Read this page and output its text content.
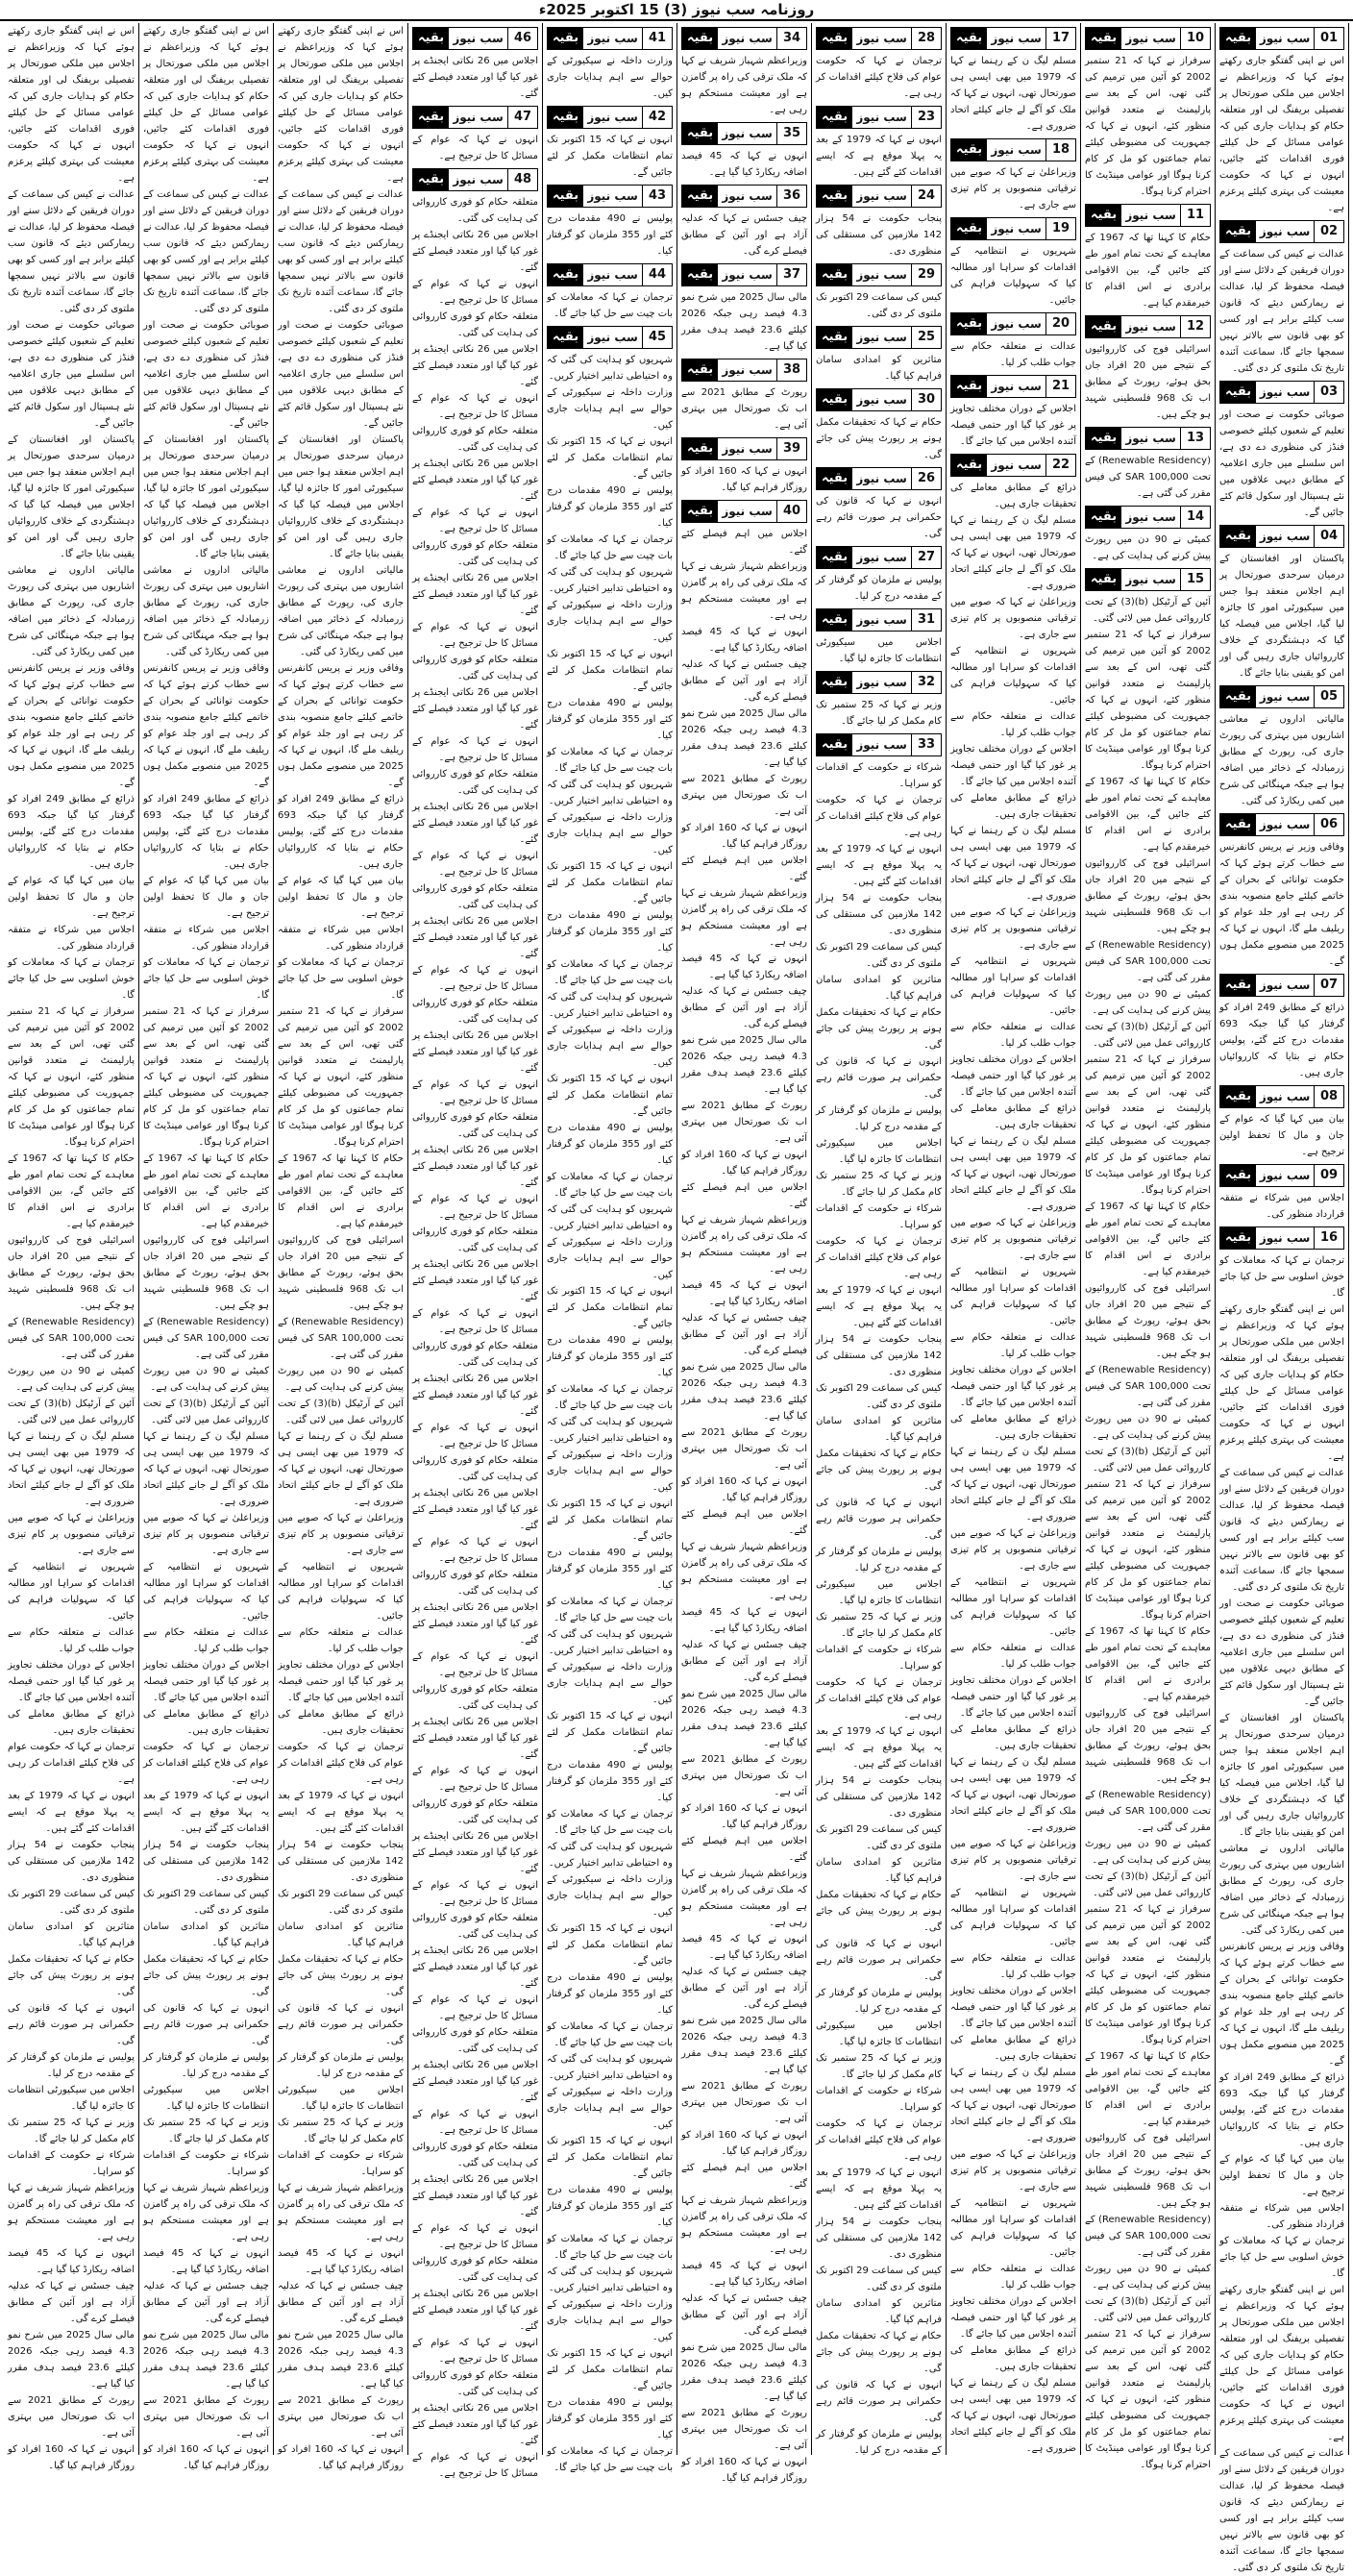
روزنامہ سب نیوز (3) 15 اکتوبر 2025ء
01
سب نیوز
بقیہ

اس نے اپنی گفتگو جاری رکھتے ہوئے کہا کہ وزیراعظم نے اجلاس میں ملکی صورتحال پر تفصیلی بریفنگ لی اور متعلقہ حکام کو ہدایات جاری کیں کہ عوامی مسائل کے حل کیلئے فوری اقدامات کئے جائیں، انہوں نے کہا کہ حکومت معیشت کی بہتری کیلئے پرعزم ہے۔

02
سب نیوز
بقیہ

عدالت نے کیس کی سماعت کے دوران فریقین کے دلائل سنے اور فیصلہ محفوظ کر لیا، عدالت نے ریمارکس دیئے کہ قانون سب کیلئے برابر ہے اور کسی کو بھی قانون سے بالاتر نہیں سمجھا جائے گا، سماعت آئندہ تاریخ تک ملتوی کر دی گئی۔

03
سب نیوز
بقیہ

صوبائی حکومت نے صحت اور تعلیم کے شعبوں کیلئے خصوصی فنڈز کی منظوری دے دی ہے، اس سلسلے میں جاری اعلامیہ کے مطابق دیہی علاقوں میں نئے ہسپتال اور سکول قائم کئے جائیں گے۔

04
سب نیوز
بقیہ

پاکستان اور افغانستان کے درمیان سرحدی صورتحال پر اہم اجلاس منعقد ہوا جس میں سیکیورٹی امور کا جائزہ لیا گیا، اجلاس میں فیصلہ کیا گیا کہ دہشتگردی کے خلاف کارروائیاں جاری رہیں گی اور امن کو یقینی بنایا جائے گا۔

05
سب نیوز
بقیہ

مالیاتی اداروں نے معاشی اشاریوں میں بہتری کی رپورٹ جاری کی، رپورٹ کے مطابق زرمبادلہ کے ذخائر میں اضافہ ہوا ہے جبکہ مہنگائی کی شرح میں کمی ریکارڈ کی گئی۔

06
سب نیوز
بقیہ

وفاقی وزیر نے پریس کانفرنس سے خطاب کرتے ہوئے کہا کہ حکومت توانائی کے بحران کے خاتمے کیلئے جامع منصوبہ بندی کر رہی ہے اور جلد عوام کو ریلیف ملے گا، انہوں نے کہا کہ 2025 میں منصوبے مکمل ہوں گے۔

07
سب نیوز
بقیہ

ذرائع کے مطابق 249 افراد کو گرفتار کیا گیا جبکہ 693 مقدمات درج کئے گئے، پولیس حکام نے بتایا کہ کارروائیاں جاری ہیں۔

08
سب نیوز
بقیہ

بیان میں کہا گیا کہ عوام کے جان و مال کا تحفظ اولین ترجیح ہے۔

09
سب نیوز
بقیہ

اجلاس میں شرکاء نے متفقہ قرارداد منظور کی۔

16
سب نیوز
بقیہ

ترجمان نے کہا کہ معاملات کو خوش اسلوبی سے حل کیا جائے گا۔

اس نے اپنی گفتگو جاری رکھتے ہوئے کہا کہ وزیراعظم نے اجلاس میں ملکی صورتحال پر تفصیلی بریفنگ لی اور متعلقہ حکام کو ہدایات جاری کیں کہ عوامی مسائل کے حل کیلئے فوری اقدامات کئے جائیں، انہوں نے کہا کہ حکومت معیشت کی بہتری کیلئے پرعزم ہے۔

عدالت نے کیس کی سماعت کے دوران فریقین کے دلائل سنے اور فیصلہ محفوظ کر لیا، عدالت نے ریمارکس دیئے کہ قانون سب کیلئے برابر ہے اور کسی کو بھی قانون سے بالاتر نہیں سمجھا جائے گا، سماعت آئندہ تاریخ تک ملتوی کر دی گئی۔

صوبائی حکومت نے صحت اور تعلیم کے شعبوں کیلئے خصوصی فنڈز کی منظوری دے دی ہے، اس سلسلے میں جاری اعلامیہ کے مطابق دیہی علاقوں میں نئے ہسپتال اور سکول قائم کئے جائیں گے۔

پاکستان اور افغانستان کے درمیان سرحدی صورتحال پر اہم اجلاس منعقد ہوا جس میں سیکیورٹی امور کا جائزہ لیا گیا، اجلاس میں فیصلہ کیا گیا کہ دہشتگردی کے خلاف کارروائیاں جاری رہیں گی اور امن کو یقینی بنایا جائے گا۔

مالیاتی اداروں نے معاشی اشاریوں میں بہتری کی رپورٹ جاری کی، رپورٹ کے مطابق زرمبادلہ کے ذخائر میں اضافہ ہوا ہے جبکہ مہنگائی کی شرح میں کمی ریکارڈ کی گئی۔

وفاقی وزیر نے پریس کانفرنس سے خطاب کرتے ہوئے کہا کہ حکومت توانائی کے بحران کے خاتمے کیلئے جامع منصوبہ بندی کر رہی ہے اور جلد عوام کو ریلیف ملے گا، انہوں نے کہا کہ 2025 میں منصوبے مکمل ہوں گے۔

ذرائع کے مطابق 249 افراد کو گرفتار کیا گیا جبکہ 693 مقدمات درج کئے گئے، پولیس حکام نے بتایا کہ کارروائیاں جاری ہیں۔

بیان میں کہا گیا کہ عوام کے جان و مال کا تحفظ اولین ترجیح ہے۔

اجلاس میں شرکاء نے متفقہ قرارداد منظور کی۔

ترجمان نے کہا کہ معاملات کو خوش اسلوبی سے حل کیا جائے گا۔

اس نے اپنی گفتگو جاری رکھتے ہوئے کہا کہ وزیراعظم نے اجلاس میں ملکی صورتحال پر تفصیلی بریفنگ لی اور متعلقہ حکام کو ہدایات جاری کیں کہ عوامی مسائل کے حل کیلئے فوری اقدامات کئے جائیں، انہوں نے کہا کہ حکومت معیشت کی بہتری کیلئے پرعزم ہے۔

عدالت نے کیس کی سماعت کے دوران فریقین کے دلائل سنے اور فیصلہ محفوظ کر لیا، عدالت نے ریمارکس دیئے کہ قانون سب کیلئے برابر ہے اور کسی کو بھی قانون سے بالاتر نہیں سمجھا جائے گا، سماعت آئندہ تاریخ تک ملتوی کر دی گئی۔

10
سب نیوز
بقیہ

سرفراز نے کہا کہ 21 ستمبر 2002 کو آئین میں ترمیم کی گئی تھی، اس کے بعد سے پارلیمنٹ نے متعدد قوانین منظور کئے، انہوں نے کہا کہ جمہوریت کی مضبوطی کیلئے تمام جماعتوں کو مل کر کام کرنا ہوگا اور عوامی مینڈیٹ کا احترام کرنا ہوگا۔

11
سب نیوز
بقیہ

حکام کا کہنا تھا کہ 1967 کے معاہدے کے تحت تمام امور طے کئے جائیں گے، بین الاقوامی برادری نے اس اقدام کا خیرمقدم کیا ہے۔

12
سب نیوز
بقیہ

اسرائیلی فوج کی کارروائیوں کے نتیجے میں 20 افراد جاں بحق ہوئے، رپورٹ کے مطابق اب تک 968 فلسطینی شہید ہو چکے ہیں۔

13
سب نیوز
بقیہ

(Renewable Residency) کے تحت 100,000 SAR کی فیس مقرر کی گئی ہے۔

14
سب نیوز
بقیہ

کمیٹی نے 90 دن میں رپورٹ پیش کرنے کی ہدایت کی ہے۔

15
سب نیوز
بقیہ

آئین کے آرٹیکل (b)(3) کے تحت کارروائی عمل میں لائی گئی۔

سرفراز نے کہا کہ 21 ستمبر 2002 کو آئین میں ترمیم کی گئی تھی، اس کے بعد سے پارلیمنٹ نے متعدد قوانین منظور کئے، انہوں نے کہا کہ جمہوریت کی مضبوطی کیلئے تمام جماعتوں کو مل کر کام کرنا ہوگا اور عوامی مینڈیٹ کا احترام کرنا ہوگا۔

حکام کا کہنا تھا کہ 1967 کے معاہدے کے تحت تمام امور طے کئے جائیں گے، بین الاقوامی برادری نے اس اقدام کا خیرمقدم کیا ہے۔

اسرائیلی فوج کی کارروائیوں کے نتیجے میں 20 افراد جاں بحق ہوئے، رپورٹ کے مطابق اب تک 968 فلسطینی شہید ہو چکے ہیں۔

(Renewable Residency) کے تحت 100,000 SAR کی فیس مقرر کی گئی ہے۔

کمیٹی نے 90 دن میں رپورٹ پیش کرنے کی ہدایت کی ہے۔

آئین کے آرٹیکل (b)(3) کے تحت کارروائی عمل میں لائی گئی۔

سرفراز نے کہا کہ 21 ستمبر 2002 کو آئین میں ترمیم کی گئی تھی، اس کے بعد سے پارلیمنٹ نے متعدد قوانین منظور کئے، انہوں نے کہا کہ جمہوریت کی مضبوطی کیلئے تمام جماعتوں کو مل کر کام کرنا ہوگا اور عوامی مینڈیٹ کا احترام کرنا ہوگا۔

حکام کا کہنا تھا کہ 1967 کے معاہدے کے تحت تمام امور طے کئے جائیں گے، بین الاقوامی برادری نے اس اقدام کا خیرمقدم کیا ہے۔

اسرائیلی فوج کی کارروائیوں کے نتیجے میں 20 افراد جاں بحق ہوئے، رپورٹ کے مطابق اب تک 968 فلسطینی شہید ہو چکے ہیں۔

(Renewable Residency) کے تحت 100,000 SAR کی فیس مقرر کی گئی ہے۔

کمیٹی نے 90 دن میں رپورٹ پیش کرنے کی ہدایت کی ہے۔

آئین کے آرٹیکل (b)(3) کے تحت کارروائی عمل میں لائی گئی۔

سرفراز نے کہا کہ 21 ستمبر 2002 کو آئین میں ترمیم کی گئی تھی، اس کے بعد سے پارلیمنٹ نے متعدد قوانین منظور کئے، انہوں نے کہا کہ جمہوریت کی مضبوطی کیلئے تمام جماعتوں کو مل کر کام کرنا ہوگا اور عوامی مینڈیٹ کا احترام کرنا ہوگا۔

حکام کا کہنا تھا کہ 1967 کے معاہدے کے تحت تمام امور طے کئے جائیں گے، بین الاقوامی برادری نے اس اقدام کا خیرمقدم کیا ہے۔

اسرائیلی فوج کی کارروائیوں کے نتیجے میں 20 افراد جاں بحق ہوئے، رپورٹ کے مطابق اب تک 968 فلسطینی شہید ہو چکے ہیں۔

(Renewable Residency) کے تحت 100,000 SAR کی فیس مقرر کی گئی ہے۔

کمیٹی نے 90 دن میں رپورٹ پیش کرنے کی ہدایت کی ہے۔

آئین کے آرٹیکل (b)(3) کے تحت کارروائی عمل میں لائی گئی۔

سرفراز نے کہا کہ 21 ستمبر 2002 کو آئین میں ترمیم کی گئی تھی، اس کے بعد سے پارلیمنٹ نے متعدد قوانین منظور کئے، انہوں نے کہا کہ جمہوریت کی مضبوطی کیلئے تمام جماعتوں کو مل کر کام کرنا ہوگا اور عوامی مینڈیٹ کا احترام کرنا ہوگا۔

حکام کا کہنا تھا کہ 1967 کے معاہدے کے تحت تمام امور طے کئے جائیں گے، بین الاقوامی برادری نے اس اقدام کا خیرمقدم کیا ہے۔

اسرائیلی فوج کی کارروائیوں کے نتیجے میں 20 افراد جاں بحق ہوئے، رپورٹ کے مطابق اب تک 968 فلسطینی شہید ہو چکے ہیں۔

(Renewable Residency) کے تحت 100,000 SAR کی فیس مقرر کی گئی ہے۔

کمیٹی نے 90 دن میں رپورٹ پیش کرنے کی ہدایت کی ہے۔

آئین کے آرٹیکل (b)(3) کے تحت کارروائی عمل میں لائی گئی۔

سرفراز نے کہا کہ 21 ستمبر 2002 کو آئین میں ترمیم کی گئی تھی، اس کے بعد سے پارلیمنٹ نے متعدد قوانین منظور کئے، انہوں نے کہا کہ جمہوریت کی مضبوطی کیلئے تمام جماعتوں کو مل کر کام کرنا ہوگا اور عوامی مینڈیٹ کا احترام کرنا ہوگا۔

17
سب نیوز
بقیہ

مسلم لیگ ن کے رہنما نے کہا کہ 1979 میں بھی ایسی ہی صورتحال تھی، انہوں نے کہا کہ ملک کو آگے لے جانے کیلئے اتحاد ضروری ہے۔

18
سب نیوز
بقیہ

وزیراعلیٰ نے کہا کہ صوبے میں ترقیاتی منصوبوں پر کام تیزی سے جاری ہے۔

19
سب نیوز
بقیہ

شہریوں نے انتظامیہ کے اقدامات کو سراہا اور مطالبہ کیا کہ سہولیات فراہم کی جائیں۔

20
سب نیوز
بقیہ

عدالت نے متعلقہ حکام سے جواب طلب کر لیا۔

21
سب نیوز
بقیہ

اجلاس کے دوران مختلف تجاویز پر غور کیا گیا اور حتمی فیصلہ آئندہ اجلاس میں کیا جائے گا۔

22
سب نیوز
بقیہ

ذرائع کے مطابق معاملے کی تحقیقات جاری ہیں۔

مسلم لیگ ن کے رہنما نے کہا کہ 1979 میں بھی ایسی ہی صورتحال تھی، انہوں نے کہا کہ ملک کو آگے لے جانے کیلئے اتحاد ضروری ہے۔

وزیراعلیٰ نے کہا کہ صوبے میں ترقیاتی منصوبوں پر کام تیزی سے جاری ہے۔

شہریوں نے انتظامیہ کے اقدامات کو سراہا اور مطالبہ کیا کہ سہولیات فراہم کی جائیں۔

عدالت نے متعلقہ حکام سے جواب طلب کر لیا۔

اجلاس کے دوران مختلف تجاویز پر غور کیا گیا اور حتمی فیصلہ آئندہ اجلاس میں کیا جائے گا۔

ذرائع کے مطابق معاملے کی تحقیقات جاری ہیں۔

مسلم لیگ ن کے رہنما نے کہا کہ 1979 میں بھی ایسی ہی صورتحال تھی، انہوں نے کہا کہ ملک کو آگے لے جانے کیلئے اتحاد ضروری ہے۔

وزیراعلیٰ نے کہا کہ صوبے میں ترقیاتی منصوبوں پر کام تیزی سے جاری ہے۔

شہریوں نے انتظامیہ کے اقدامات کو سراہا اور مطالبہ کیا کہ سہولیات فراہم کی جائیں۔

عدالت نے متعلقہ حکام سے جواب طلب کر لیا۔

اجلاس کے دوران مختلف تجاویز پر غور کیا گیا اور حتمی فیصلہ آئندہ اجلاس میں کیا جائے گا۔

ذرائع کے مطابق معاملے کی تحقیقات جاری ہیں۔

مسلم لیگ ن کے رہنما نے کہا کہ 1979 میں بھی ایسی ہی صورتحال تھی، انہوں نے کہا کہ ملک کو آگے لے جانے کیلئے اتحاد ضروری ہے۔

وزیراعلیٰ نے کہا کہ صوبے میں ترقیاتی منصوبوں پر کام تیزی سے جاری ہے۔

شہریوں نے انتظامیہ کے اقدامات کو سراہا اور مطالبہ کیا کہ سہولیات فراہم کی جائیں۔

عدالت نے متعلقہ حکام سے جواب طلب کر لیا۔

اجلاس کے دوران مختلف تجاویز پر غور کیا گیا اور حتمی فیصلہ آئندہ اجلاس میں کیا جائے گا۔

ذرائع کے مطابق معاملے کی تحقیقات جاری ہیں۔

مسلم لیگ ن کے رہنما نے کہا کہ 1979 میں بھی ایسی ہی صورتحال تھی، انہوں نے کہا کہ ملک کو آگے لے جانے کیلئے اتحاد ضروری ہے۔

وزیراعلیٰ نے کہا کہ صوبے میں ترقیاتی منصوبوں پر کام تیزی سے جاری ہے۔

شہریوں نے انتظامیہ کے اقدامات کو سراہا اور مطالبہ کیا کہ سہولیات فراہم کی جائیں۔

عدالت نے متعلقہ حکام سے جواب طلب کر لیا۔

اجلاس کے دوران مختلف تجاویز پر غور کیا گیا اور حتمی فیصلہ آئندہ اجلاس میں کیا جائے گا۔

ذرائع کے مطابق معاملے کی تحقیقات جاری ہیں۔

مسلم لیگ ن کے رہنما نے کہا کہ 1979 میں بھی ایسی ہی صورتحال تھی، انہوں نے کہا کہ ملک کو آگے لے جانے کیلئے اتحاد ضروری ہے۔

وزیراعلیٰ نے کہا کہ صوبے میں ترقیاتی منصوبوں پر کام تیزی سے جاری ہے۔

شہریوں نے انتظامیہ کے اقدامات کو سراہا اور مطالبہ کیا کہ سہولیات فراہم کی جائیں۔

عدالت نے متعلقہ حکام سے جواب طلب کر لیا۔

اجلاس کے دوران مختلف تجاویز پر غور کیا گیا اور حتمی فیصلہ آئندہ اجلاس میں کیا جائے گا۔

ذرائع کے مطابق معاملے کی تحقیقات جاری ہیں۔

مسلم لیگ ن کے رہنما نے کہا کہ 1979 میں بھی ایسی ہی صورتحال تھی، انہوں نے کہا کہ ملک کو آگے لے جانے کیلئے اتحاد ضروری ہے۔

وزیراعلیٰ نے کہا کہ صوبے میں ترقیاتی منصوبوں پر کام تیزی سے جاری ہے۔

شہریوں نے انتظامیہ کے اقدامات کو سراہا اور مطالبہ کیا کہ سہولیات فراہم کی جائیں۔

عدالت نے متعلقہ حکام سے جواب طلب کر لیا۔

اجلاس کے دوران مختلف تجاویز پر غور کیا گیا اور حتمی فیصلہ آئندہ اجلاس میں کیا جائے گا۔

ذرائع کے مطابق معاملے کی تحقیقات جاری ہیں۔

مسلم لیگ ن کے رہنما نے کہا کہ 1979 میں بھی ایسی ہی صورتحال تھی، انہوں نے کہا کہ ملک کو آگے لے جانے کیلئے اتحاد ضروری ہے۔

28
سب نیوز
بقیہ

ترجمان نے کہا کہ حکومت عوام کی فلاح کیلئے اقدامات کر رہی ہے۔

23
سب نیوز
بقیہ

انہوں نے کہا کہ 1979 کے بعد یہ پہلا موقع ہے کہ ایسے اقدامات کئے گئے ہیں۔

24
سب نیوز
بقیہ

پنجاب حکومت نے 54 ہزار 142 ملازمین کی مستقلی کی منظوری دی۔

29
سب نیوز
بقیہ

کیس کی سماعت 29 اکتوبر تک ملتوی کر دی گئی۔

25
سب نیوز
بقیہ

متاثرین کو امدادی سامان فراہم کیا گیا۔

30
سب نیوز
بقیہ

حکام نے کہا کہ تحقیقات مکمل ہونے پر رپورٹ پیش کی جائے گی۔

26
سب نیوز
بقیہ

انہوں نے کہا کہ قانون کی حکمرانی ہر صورت قائم رہے گی۔

27
سب نیوز
بقیہ

پولیس نے ملزمان کو گرفتار کر کے مقدمہ درج کر لیا۔

31
سب نیوز
بقیہ

اجلاس میں سیکیورٹی انتظامات کا جائزہ لیا گیا۔

32
سب نیوز
بقیہ

وزیر نے کہا کہ 25 ستمبر تک کام مکمل کر لیا جائے گا۔

33
سب نیوز
بقیہ

شرکاء نے حکومت کے اقدامات کو سراہا۔

ترجمان نے کہا کہ حکومت عوام کی فلاح کیلئے اقدامات کر رہی ہے۔

انہوں نے کہا کہ 1979 کے بعد یہ پہلا موقع ہے کہ ایسے اقدامات کئے گئے ہیں۔

پنجاب حکومت نے 54 ہزار 142 ملازمین کی مستقلی کی منظوری دی۔

کیس کی سماعت 29 اکتوبر تک ملتوی کر دی گئی۔

متاثرین کو امدادی سامان فراہم کیا گیا۔

حکام نے کہا کہ تحقیقات مکمل ہونے پر رپورٹ پیش کی جائے گی۔

انہوں نے کہا کہ قانون کی حکمرانی ہر صورت قائم رہے گی۔

پولیس نے ملزمان کو گرفتار کر کے مقدمہ درج کر لیا۔

اجلاس میں سیکیورٹی انتظامات کا جائزہ لیا گیا۔

وزیر نے کہا کہ 25 ستمبر تک کام مکمل کر لیا جائے گا۔

شرکاء نے حکومت کے اقدامات کو سراہا۔

ترجمان نے کہا کہ حکومت عوام کی فلاح کیلئے اقدامات کر رہی ہے۔

انہوں نے کہا کہ 1979 کے بعد یہ پہلا موقع ہے کہ ایسے اقدامات کئے گئے ہیں۔

پنجاب حکومت نے 54 ہزار 142 ملازمین کی مستقلی کی منظوری دی۔

کیس کی سماعت 29 اکتوبر تک ملتوی کر دی گئی۔

متاثرین کو امدادی سامان فراہم کیا گیا۔

حکام نے کہا کہ تحقیقات مکمل ہونے پر رپورٹ پیش کی جائے گی۔

انہوں نے کہا کہ قانون کی حکمرانی ہر صورت قائم رہے گی۔

پولیس نے ملزمان کو گرفتار کر کے مقدمہ درج کر لیا۔

اجلاس میں سیکیورٹی انتظامات کا جائزہ لیا گیا۔

وزیر نے کہا کہ 25 ستمبر تک کام مکمل کر لیا جائے گا۔

شرکاء نے حکومت کے اقدامات کو سراہا۔

ترجمان نے کہا کہ حکومت عوام کی فلاح کیلئے اقدامات کر رہی ہے۔

انہوں نے کہا کہ 1979 کے بعد یہ پہلا موقع ہے کہ ایسے اقدامات کئے گئے ہیں۔

پنجاب حکومت نے 54 ہزار 142 ملازمین کی مستقلی کی منظوری دی۔

کیس کی سماعت 29 اکتوبر تک ملتوی کر دی گئی۔

متاثرین کو امدادی سامان فراہم کیا گیا۔

حکام نے کہا کہ تحقیقات مکمل ہونے پر رپورٹ پیش کی جائے گی۔

انہوں نے کہا کہ قانون کی حکمرانی ہر صورت قائم رہے گی۔

پولیس نے ملزمان کو گرفتار کر کے مقدمہ درج کر لیا۔

اجلاس میں سیکیورٹی انتظامات کا جائزہ لیا گیا۔

وزیر نے کہا کہ 25 ستمبر تک کام مکمل کر لیا جائے گا۔

شرکاء نے حکومت کے اقدامات کو سراہا۔

ترجمان نے کہا کہ حکومت عوام کی فلاح کیلئے اقدامات کر رہی ہے۔

انہوں نے کہا کہ 1979 کے بعد یہ پہلا موقع ہے کہ ایسے اقدامات کئے گئے ہیں۔

پنجاب حکومت نے 54 ہزار 142 ملازمین کی مستقلی کی منظوری دی۔

کیس کی سماعت 29 اکتوبر تک ملتوی کر دی گئی۔

متاثرین کو امدادی سامان فراہم کیا گیا۔

حکام نے کہا کہ تحقیقات مکمل ہونے پر رپورٹ پیش کی جائے گی۔

انہوں نے کہا کہ قانون کی حکمرانی ہر صورت قائم رہے گی۔

پولیس نے ملزمان کو گرفتار کر کے مقدمہ درج کر لیا۔

34
سب نیوز
بقیہ

وزیراعظم شہباز شریف نے کہا کہ ملک ترقی کی راہ پر گامزن ہے اور معیشت مستحکم ہو رہی ہے۔

35
سب نیوز
بقیہ

انہوں نے کہا کہ 45 فیصد اضافہ ریکارڈ کیا گیا ہے۔

36
سب نیوز
بقیہ

چیف جسٹس نے کہا کہ عدلیہ آزاد ہے اور آئین کے مطابق فیصلے کرے گی۔

37
سب نیوز
بقیہ

مالی سال 2025 میں شرح نمو 4.3 فیصد رہی جبکہ 2026 کیلئے 23.6 فیصد ہدف مقرر کیا گیا ہے۔

38
سب نیوز
بقیہ

رپورٹ کے مطابق 2021 سے اب تک صورتحال میں بہتری آئی ہے۔

39
سب نیوز
بقیہ

انہوں نے کہا کہ 160 افراد کو روزگار فراہم کیا گیا۔

40
سب نیوز
بقیہ

اجلاس میں اہم فیصلے کئے گئے۔

وزیراعظم شہباز شریف نے کہا کہ ملک ترقی کی راہ پر گامزن ہے اور معیشت مستحکم ہو رہی ہے۔

انہوں نے کہا کہ 45 فیصد اضافہ ریکارڈ کیا گیا ہے۔

چیف جسٹس نے کہا کہ عدلیہ آزاد ہے اور آئین کے مطابق فیصلے کرے گی۔

مالی سال 2025 میں شرح نمو 4.3 فیصد رہی جبکہ 2026 کیلئے 23.6 فیصد ہدف مقرر کیا گیا ہے۔

رپورٹ کے مطابق 2021 سے اب تک صورتحال میں بہتری آئی ہے۔

انہوں نے کہا کہ 160 افراد کو روزگار فراہم کیا گیا۔

اجلاس میں اہم فیصلے کئے گئے۔

وزیراعظم شہباز شریف نے کہا کہ ملک ترقی کی راہ پر گامزن ہے اور معیشت مستحکم ہو رہی ہے۔

انہوں نے کہا کہ 45 فیصد اضافہ ریکارڈ کیا گیا ہے۔

چیف جسٹس نے کہا کہ عدلیہ آزاد ہے اور آئین کے مطابق فیصلے کرے گی۔

مالی سال 2025 میں شرح نمو 4.3 فیصد رہی جبکہ 2026 کیلئے 23.6 فیصد ہدف مقرر کیا گیا ہے۔

رپورٹ کے مطابق 2021 سے اب تک صورتحال میں بہتری آئی ہے۔

انہوں نے کہا کہ 160 افراد کو روزگار فراہم کیا گیا۔

اجلاس میں اہم فیصلے کئے گئے۔

وزیراعظم شہباز شریف نے کہا کہ ملک ترقی کی راہ پر گامزن ہے اور معیشت مستحکم ہو رہی ہے۔

انہوں نے کہا کہ 45 فیصد اضافہ ریکارڈ کیا گیا ہے۔

چیف جسٹس نے کہا کہ عدلیہ آزاد ہے اور آئین کے مطابق فیصلے کرے گی۔

مالی سال 2025 میں شرح نمو 4.3 فیصد رہی جبکہ 2026 کیلئے 23.6 فیصد ہدف مقرر کیا گیا ہے۔

رپورٹ کے مطابق 2021 سے اب تک صورتحال میں بہتری آئی ہے۔

انہوں نے کہا کہ 160 افراد کو روزگار فراہم کیا گیا۔

اجلاس میں اہم فیصلے کئے گئے۔

وزیراعظم شہباز شریف نے کہا کہ ملک ترقی کی راہ پر گامزن ہے اور معیشت مستحکم ہو رہی ہے۔

انہوں نے کہا کہ 45 فیصد اضافہ ریکارڈ کیا گیا ہے۔

چیف جسٹس نے کہا کہ عدلیہ آزاد ہے اور آئین کے مطابق فیصلے کرے گی۔

مالی سال 2025 میں شرح نمو 4.3 فیصد رہی جبکہ 2026 کیلئے 23.6 فیصد ہدف مقرر کیا گیا ہے۔

رپورٹ کے مطابق 2021 سے اب تک صورتحال میں بہتری آئی ہے۔

انہوں نے کہا کہ 160 افراد کو روزگار فراہم کیا گیا۔

اجلاس میں اہم فیصلے کئے گئے۔

وزیراعظم شہباز شریف نے کہا کہ ملک ترقی کی راہ پر گامزن ہے اور معیشت مستحکم ہو رہی ہے۔

انہوں نے کہا کہ 45 فیصد اضافہ ریکارڈ کیا گیا ہے۔

چیف جسٹس نے کہا کہ عدلیہ آزاد ہے اور آئین کے مطابق فیصلے کرے گی۔

مالی سال 2025 میں شرح نمو 4.3 فیصد رہی جبکہ 2026 کیلئے 23.6 فیصد ہدف مقرر کیا گیا ہے۔

رپورٹ کے مطابق 2021 سے اب تک صورتحال میں بہتری آئی ہے۔

انہوں نے کہا کہ 160 افراد کو روزگار فراہم کیا گیا۔

اجلاس میں اہم فیصلے کئے گئے۔

وزیراعظم شہباز شریف نے کہا کہ ملک ترقی کی راہ پر گامزن ہے اور معیشت مستحکم ہو رہی ہے۔

انہوں نے کہا کہ 45 فیصد اضافہ ریکارڈ کیا گیا ہے۔

چیف جسٹس نے کہا کہ عدلیہ آزاد ہے اور آئین کے مطابق فیصلے کرے گی۔

مالی سال 2025 میں شرح نمو 4.3 فیصد رہی جبکہ 2026 کیلئے 23.6 فیصد ہدف مقرر کیا گیا ہے۔

رپورٹ کے مطابق 2021 سے اب تک صورتحال میں بہتری آئی ہے۔

انہوں نے کہا کہ 160 افراد کو روزگار فراہم کیا گیا۔

41
سب نیوز
بقیہ

وزارت داخلہ نے سیکیورٹی کے حوالے سے اہم ہدایات جاری کیں۔

42
سب نیوز
بقیہ

انہوں نے کہا کہ 15 اکتوبر تک تمام انتظامات مکمل کر لئے جائیں گے۔

43
سب نیوز
بقیہ

پولیس نے 490 مقدمات درج کئے اور 355 ملزمان کو گرفتار کیا۔

44
سب نیوز
بقیہ

ترجمان نے کہا کہ معاملات کو بات چیت سے حل کیا جائے گا۔

45
سب نیوز
بقیہ

شہریوں کو ہدایت کی گئی کہ وہ احتیاطی تدابیر اختیار کریں۔

وزارت داخلہ نے سیکیورٹی کے حوالے سے اہم ہدایات جاری کیں۔

انہوں نے کہا کہ 15 اکتوبر تک تمام انتظامات مکمل کر لئے جائیں گے۔

پولیس نے 490 مقدمات درج کئے اور 355 ملزمان کو گرفتار کیا۔

ترجمان نے کہا کہ معاملات کو بات چیت سے حل کیا جائے گا۔

شہریوں کو ہدایت کی گئی کہ وہ احتیاطی تدابیر اختیار کریں۔

وزارت داخلہ نے سیکیورٹی کے حوالے سے اہم ہدایات جاری کیں۔

انہوں نے کہا کہ 15 اکتوبر تک تمام انتظامات مکمل کر لئے جائیں گے۔

پولیس نے 490 مقدمات درج کئے اور 355 ملزمان کو گرفتار کیا۔

ترجمان نے کہا کہ معاملات کو بات چیت سے حل کیا جائے گا۔

شہریوں کو ہدایت کی گئی کہ وہ احتیاطی تدابیر اختیار کریں۔

وزارت داخلہ نے سیکیورٹی کے حوالے سے اہم ہدایات جاری کیں۔

انہوں نے کہا کہ 15 اکتوبر تک تمام انتظامات مکمل کر لئے جائیں گے۔

پولیس نے 490 مقدمات درج کئے اور 355 ملزمان کو گرفتار کیا۔

ترجمان نے کہا کہ معاملات کو بات چیت سے حل کیا جائے گا۔

شہریوں کو ہدایت کی گئی کہ وہ احتیاطی تدابیر اختیار کریں۔

وزارت داخلہ نے سیکیورٹی کے حوالے سے اہم ہدایات جاری کیں۔

انہوں نے کہا کہ 15 اکتوبر تک تمام انتظامات مکمل کر لئے جائیں گے۔

پولیس نے 490 مقدمات درج کئے اور 355 ملزمان کو گرفتار کیا۔

ترجمان نے کہا کہ معاملات کو بات چیت سے حل کیا جائے گا۔

شہریوں کو ہدایت کی گئی کہ وہ احتیاطی تدابیر اختیار کریں۔

وزارت داخلہ نے سیکیورٹی کے حوالے سے اہم ہدایات جاری کیں۔

انہوں نے کہا کہ 15 اکتوبر تک تمام انتظامات مکمل کر لئے جائیں گے۔

پولیس نے 490 مقدمات درج کئے اور 355 ملزمان کو گرفتار کیا۔

ترجمان نے کہا کہ معاملات کو بات چیت سے حل کیا جائے گا۔

شہریوں کو ہدایت کی گئی کہ وہ احتیاطی تدابیر اختیار کریں۔

وزارت داخلہ نے سیکیورٹی کے حوالے سے اہم ہدایات جاری کیں۔

انہوں نے کہا کہ 15 اکتوبر تک تمام انتظامات مکمل کر لئے جائیں گے۔

پولیس نے 490 مقدمات درج کئے اور 355 ملزمان کو گرفتار کیا۔

ترجمان نے کہا کہ معاملات کو بات چیت سے حل کیا جائے گا۔

شہریوں کو ہدایت کی گئی کہ وہ احتیاطی تدابیر اختیار کریں۔

وزارت داخلہ نے سیکیورٹی کے حوالے سے اہم ہدایات جاری کیں۔

انہوں نے کہا کہ 15 اکتوبر تک تمام انتظامات مکمل کر لئے جائیں گے۔

پولیس نے 490 مقدمات درج کئے اور 355 ملزمان کو گرفتار کیا۔

ترجمان نے کہا کہ معاملات کو بات چیت سے حل کیا جائے گا۔

شہریوں کو ہدایت کی گئی کہ وہ احتیاطی تدابیر اختیار کریں۔

وزارت داخلہ نے سیکیورٹی کے حوالے سے اہم ہدایات جاری کیں۔

انہوں نے کہا کہ 15 اکتوبر تک تمام انتظامات مکمل کر لئے جائیں گے۔

پولیس نے 490 مقدمات درج کئے اور 355 ملزمان کو گرفتار کیا۔

ترجمان نے کہا کہ معاملات کو بات چیت سے حل کیا جائے گا۔

شہریوں کو ہدایت کی گئی کہ وہ احتیاطی تدابیر اختیار کریں۔

وزارت داخلہ نے سیکیورٹی کے حوالے سے اہم ہدایات جاری کیں۔

انہوں نے کہا کہ 15 اکتوبر تک تمام انتظامات مکمل کر لئے جائیں گے۔

پولیس نے 490 مقدمات درج کئے اور 355 ملزمان کو گرفتار کیا۔

ترجمان نے کہا کہ معاملات کو بات چیت سے حل کیا جائے گا۔

شہریوں کو ہدایت کی گئی کہ وہ احتیاطی تدابیر اختیار کریں۔

وزارت داخلہ نے سیکیورٹی کے حوالے سے اہم ہدایات جاری کیں۔

انہوں نے کہا کہ 15 اکتوبر تک تمام انتظامات مکمل کر لئے جائیں گے۔

پولیس نے 490 مقدمات درج کئے اور 355 ملزمان کو گرفتار کیا۔

ترجمان نے کہا کہ معاملات کو بات چیت سے حل کیا جائے گا۔

46
سب نیوز
بقیہ

اجلاس میں 26 نکاتی ایجنڈے پر غور کیا گیا اور متعدد فیصلے کئے گئے۔

47
سب نیوز
بقیہ

انہوں نے کہا کہ عوام کے مسائل کا حل ترجیح ہے۔

48
سب نیوز
بقیہ

متعلقہ حکام کو فوری کارروائی کی ہدایت کی گئی۔

اجلاس میں 26 نکاتی ایجنڈے پر غور کیا گیا اور متعدد فیصلے کئے گئے۔

انہوں نے کہا کہ عوام کے مسائل کا حل ترجیح ہے۔

متعلقہ حکام کو فوری کارروائی کی ہدایت کی گئی۔

اجلاس میں 26 نکاتی ایجنڈے پر غور کیا گیا اور متعدد فیصلے کئے گئے۔

انہوں نے کہا کہ عوام کے مسائل کا حل ترجیح ہے۔

متعلقہ حکام کو فوری کارروائی کی ہدایت کی گئی۔

اجلاس میں 26 نکاتی ایجنڈے پر غور کیا گیا اور متعدد فیصلے کئے گئے۔

انہوں نے کہا کہ عوام کے مسائل کا حل ترجیح ہے۔

متعلقہ حکام کو فوری کارروائی کی ہدایت کی گئی۔

اجلاس میں 26 نکاتی ایجنڈے پر غور کیا گیا اور متعدد فیصلے کئے گئے۔

انہوں نے کہا کہ عوام کے مسائل کا حل ترجیح ہے۔

متعلقہ حکام کو فوری کارروائی کی ہدایت کی گئی۔

اجلاس میں 26 نکاتی ایجنڈے پر غور کیا گیا اور متعدد فیصلے کئے گئے۔

انہوں نے کہا کہ عوام کے مسائل کا حل ترجیح ہے۔

متعلقہ حکام کو فوری کارروائی کی ہدایت کی گئی۔

اجلاس میں 26 نکاتی ایجنڈے پر غور کیا گیا اور متعدد فیصلے کئے گئے۔

انہوں نے کہا کہ عوام کے مسائل کا حل ترجیح ہے۔

متعلقہ حکام کو فوری کارروائی کی ہدایت کی گئی۔

اجلاس میں 26 نکاتی ایجنڈے پر غور کیا گیا اور متعدد فیصلے کئے گئے۔

انہوں نے کہا کہ عوام کے مسائل کا حل ترجیح ہے۔

متعلقہ حکام کو فوری کارروائی کی ہدایت کی گئی۔

اجلاس میں 26 نکاتی ایجنڈے پر غور کیا گیا اور متعدد فیصلے کئے گئے۔

انہوں نے کہا کہ عوام کے مسائل کا حل ترجیح ہے۔

متعلقہ حکام کو فوری کارروائی کی ہدایت کی گئی۔

اجلاس میں 26 نکاتی ایجنڈے پر غور کیا گیا اور متعدد فیصلے کئے گئے۔

انہوں نے کہا کہ عوام کے مسائل کا حل ترجیح ہے۔

متعلقہ حکام کو فوری کارروائی کی ہدایت کی گئی۔

اجلاس میں 26 نکاتی ایجنڈے پر غور کیا گیا اور متعدد فیصلے کئے گئے۔

انہوں نے کہا کہ عوام کے مسائل کا حل ترجیح ہے۔

متعلقہ حکام کو فوری کارروائی کی ہدایت کی گئی۔

اجلاس میں 26 نکاتی ایجنڈے پر غور کیا گیا اور متعدد فیصلے کئے گئے۔

انہوں نے کہا کہ عوام کے مسائل کا حل ترجیح ہے۔

متعلقہ حکام کو فوری کارروائی کی ہدایت کی گئی۔

اجلاس میں 26 نکاتی ایجنڈے پر غور کیا گیا اور متعدد فیصلے کئے گئے۔

انہوں نے کہا کہ عوام کے مسائل کا حل ترجیح ہے۔

متعلقہ حکام کو فوری کارروائی کی ہدایت کی گئی۔

اجلاس میں 26 نکاتی ایجنڈے پر غور کیا گیا اور متعدد فیصلے کئے گئے۔

انہوں نے کہا کہ عوام کے مسائل کا حل ترجیح ہے۔

متعلقہ حکام کو فوری کارروائی کی ہدایت کی گئی۔

اجلاس میں 26 نکاتی ایجنڈے پر غور کیا گیا اور متعدد فیصلے کئے گئے۔

انہوں نے کہا کہ عوام کے مسائل کا حل ترجیح ہے۔

متعلقہ حکام کو فوری کارروائی کی ہدایت کی گئی۔

اجلاس میں 26 نکاتی ایجنڈے پر غور کیا گیا اور متعدد فیصلے کئے گئے۔

انہوں نے کہا کہ عوام کے مسائل کا حل ترجیح ہے۔

متعلقہ حکام کو فوری کارروائی کی ہدایت کی گئی۔

اجلاس میں 26 نکاتی ایجنڈے پر غور کیا گیا اور متعدد فیصلے کئے گئے۔

انہوں نے کہا کہ عوام کے مسائل کا حل ترجیح ہے۔

متعلقہ حکام کو فوری کارروائی کی ہدایت کی گئی۔

اجلاس میں 26 نکاتی ایجنڈے پر غور کیا گیا اور متعدد فیصلے کئے گئے۔

انہوں نے کہا کہ عوام کے مسائل کا حل ترجیح ہے۔

متعلقہ حکام کو فوری کارروائی کی ہدایت کی گئی۔

اجلاس میں 26 نکاتی ایجنڈے پر غور کیا گیا اور متعدد فیصلے کئے گئے۔

انہوں نے کہا کہ عوام کے مسائل کا حل ترجیح ہے۔

متعلقہ حکام کو فوری کارروائی کی ہدایت کی گئی۔

اجلاس میں 26 نکاتی ایجنڈے پر غور کیا گیا اور متعدد فیصلے کئے گئے۔

انہوں نے کہا کہ عوام کے مسائل کا حل ترجیح ہے۔

متعلقہ حکام کو فوری کارروائی کی ہدایت کی گئی۔

اجلاس میں 26 نکاتی ایجنڈے پر غور کیا گیا اور متعدد فیصلے کئے گئے۔

انہوں نے کہا کہ عوام کے مسائل کا حل ترجیح ہے۔

اس نے اپنی گفتگو جاری رکھتے ہوئے کہا کہ وزیراعظم نے اجلاس میں ملکی صورتحال پر تفصیلی بریفنگ لی اور متعلقہ حکام کو ہدایات جاری کیں کہ عوامی مسائل کے حل کیلئے فوری اقدامات کئے جائیں، انہوں نے کہا کہ حکومت معیشت کی بہتری کیلئے پرعزم ہے۔

عدالت نے کیس کی سماعت کے دوران فریقین کے دلائل سنے اور فیصلہ محفوظ کر لیا، عدالت نے ریمارکس دیئے کہ قانون سب کیلئے برابر ہے اور کسی کو بھی قانون سے بالاتر نہیں سمجھا جائے گا، سماعت آئندہ تاریخ تک ملتوی کر دی گئی۔

صوبائی حکومت نے صحت اور تعلیم کے شعبوں کیلئے خصوصی فنڈز کی منظوری دے دی ہے، اس سلسلے میں جاری اعلامیہ کے مطابق دیہی علاقوں میں نئے ہسپتال اور سکول قائم کئے جائیں گے۔

پاکستان اور افغانستان کے درمیان سرحدی صورتحال پر اہم اجلاس منعقد ہوا جس میں سیکیورٹی امور کا جائزہ لیا گیا، اجلاس میں فیصلہ کیا گیا کہ دہشتگردی کے خلاف کارروائیاں جاری رہیں گی اور امن کو یقینی بنایا جائے گا۔

مالیاتی اداروں نے معاشی اشاریوں میں بہتری کی رپورٹ جاری کی، رپورٹ کے مطابق زرمبادلہ کے ذخائر میں اضافہ ہوا ہے جبکہ مہنگائی کی شرح میں کمی ریکارڈ کی گئی۔

وفاقی وزیر نے پریس کانفرنس سے خطاب کرتے ہوئے کہا کہ حکومت توانائی کے بحران کے خاتمے کیلئے جامع منصوبہ بندی کر رہی ہے اور جلد عوام کو ریلیف ملے گا، انہوں نے کہا کہ 2025 میں منصوبے مکمل ہوں گے۔

ذرائع کے مطابق 249 افراد کو گرفتار کیا گیا جبکہ 693 مقدمات درج کئے گئے، پولیس حکام نے بتایا کہ کارروائیاں جاری ہیں۔

بیان میں کہا گیا کہ عوام کے جان و مال کا تحفظ اولین ترجیح ہے۔

اجلاس میں شرکاء نے متفقہ قرارداد منظور کی۔

ترجمان نے کہا کہ معاملات کو خوش اسلوبی سے حل کیا جائے گا۔

سرفراز نے کہا کہ 21 ستمبر 2002 کو آئین میں ترمیم کی گئی تھی، اس کے بعد سے پارلیمنٹ نے متعدد قوانین منظور کئے، انہوں نے کہا کہ جمہوریت کی مضبوطی کیلئے تمام جماعتوں کو مل کر کام کرنا ہوگا اور عوامی مینڈیٹ کا احترام کرنا ہوگا۔

حکام کا کہنا تھا کہ 1967 کے معاہدے کے تحت تمام امور طے کئے جائیں گے، بین الاقوامی برادری نے اس اقدام کا خیرمقدم کیا ہے۔

اسرائیلی فوج کی کارروائیوں کے نتیجے میں 20 افراد جاں بحق ہوئے، رپورٹ کے مطابق اب تک 968 فلسطینی شہید ہو چکے ہیں۔

(Renewable Residency) کے تحت 100,000 SAR کی فیس مقرر کی گئی ہے۔

کمیٹی نے 90 دن میں رپورٹ پیش کرنے کی ہدایت کی ہے۔

آئین کے آرٹیکل (b)(3) کے تحت کارروائی عمل میں لائی گئی۔

مسلم لیگ ن کے رہنما نے کہا کہ 1979 میں بھی ایسی ہی صورتحال تھی، انہوں نے کہا کہ ملک کو آگے لے جانے کیلئے اتحاد ضروری ہے۔

وزیراعلیٰ نے کہا کہ صوبے میں ترقیاتی منصوبوں پر کام تیزی سے جاری ہے۔

شہریوں نے انتظامیہ کے اقدامات کو سراہا اور مطالبہ کیا کہ سہولیات فراہم کی جائیں۔

عدالت نے متعلقہ حکام سے جواب طلب کر لیا۔

اجلاس کے دوران مختلف تجاویز پر غور کیا گیا اور حتمی فیصلہ آئندہ اجلاس میں کیا جائے گا۔

ذرائع کے مطابق معاملے کی تحقیقات جاری ہیں۔

ترجمان نے کہا کہ حکومت عوام کی فلاح کیلئے اقدامات کر رہی ہے۔

انہوں نے کہا کہ 1979 کے بعد یہ پہلا موقع ہے کہ ایسے اقدامات کئے گئے ہیں۔

پنجاب حکومت نے 54 ہزار 142 ملازمین کی مستقلی کی منظوری دی۔

کیس کی سماعت 29 اکتوبر تک ملتوی کر دی گئی۔

متاثرین کو امدادی سامان فراہم کیا گیا۔

حکام نے کہا کہ تحقیقات مکمل ہونے پر رپورٹ پیش کی جائے گی۔

انہوں نے کہا کہ قانون کی حکمرانی ہر صورت قائم رہے گی۔

پولیس نے ملزمان کو گرفتار کر کے مقدمہ درج کر لیا۔

اجلاس میں سیکیورٹی انتظامات کا جائزہ لیا گیا۔

وزیر نے کہا کہ 25 ستمبر تک کام مکمل کر لیا جائے گا۔

شرکاء نے حکومت کے اقدامات کو سراہا۔

وزیراعظم شہباز شریف نے کہا کہ ملک ترقی کی راہ پر گامزن ہے اور معیشت مستحکم ہو رہی ہے۔

انہوں نے کہا کہ 45 فیصد اضافہ ریکارڈ کیا گیا ہے۔

چیف جسٹس نے کہا کہ عدلیہ آزاد ہے اور آئین کے مطابق فیصلے کرے گی۔

مالی سال 2025 میں شرح نمو 4.3 فیصد رہی جبکہ 2026 کیلئے 23.6 فیصد ہدف مقرر کیا گیا ہے۔

رپورٹ کے مطابق 2021 سے اب تک صورتحال میں بہتری آئی ہے۔

انہوں نے کہا کہ 160 افراد کو روزگار فراہم کیا گیا۔

اس نے اپنی گفتگو جاری رکھتے ہوئے کہا کہ وزیراعظم نے اجلاس میں ملکی صورتحال پر تفصیلی بریفنگ لی اور متعلقہ حکام کو ہدایات جاری کیں کہ عوامی مسائل کے حل کیلئے فوری اقدامات کئے جائیں، انہوں نے کہا کہ حکومت معیشت کی بہتری کیلئے پرعزم ہے۔

عدالت نے کیس کی سماعت کے دوران فریقین کے دلائل سنے اور فیصلہ محفوظ کر لیا، عدالت نے ریمارکس دیئے کہ قانون سب کیلئے برابر ہے اور کسی کو بھی قانون سے بالاتر نہیں سمجھا جائے گا، سماعت آئندہ تاریخ تک ملتوی کر دی گئی۔

صوبائی حکومت نے صحت اور تعلیم کے شعبوں کیلئے خصوصی فنڈز کی منظوری دے دی ہے، اس سلسلے میں جاری اعلامیہ کے مطابق دیہی علاقوں میں نئے ہسپتال اور سکول قائم کئے جائیں گے۔

پاکستان اور افغانستان کے درمیان سرحدی صورتحال پر اہم اجلاس منعقد ہوا جس میں سیکیورٹی امور کا جائزہ لیا گیا، اجلاس میں فیصلہ کیا گیا کہ دہشتگردی کے خلاف کارروائیاں جاری رہیں گی اور امن کو یقینی بنایا جائے گا۔

مالیاتی اداروں نے معاشی اشاریوں میں بہتری کی رپورٹ جاری کی، رپورٹ کے مطابق زرمبادلہ کے ذخائر میں اضافہ ہوا ہے جبکہ مہنگائی کی شرح میں کمی ریکارڈ کی گئی۔

وفاقی وزیر نے پریس کانفرنس سے خطاب کرتے ہوئے کہا کہ حکومت توانائی کے بحران کے خاتمے کیلئے جامع منصوبہ بندی کر رہی ہے اور جلد عوام کو ریلیف ملے گا، انہوں نے کہا کہ 2025 میں منصوبے مکمل ہوں گے۔

ذرائع کے مطابق 249 افراد کو گرفتار کیا گیا جبکہ 693 مقدمات درج کئے گئے، پولیس حکام نے بتایا کہ کارروائیاں جاری ہیں۔

بیان میں کہا گیا کہ عوام کے جان و مال کا تحفظ اولین ترجیح ہے۔

اجلاس میں شرکاء نے متفقہ قرارداد منظور کی۔

ترجمان نے کہا کہ معاملات کو خوش اسلوبی سے حل کیا جائے گا۔

سرفراز نے کہا کہ 21 ستمبر 2002 کو آئین میں ترمیم کی گئی تھی، اس کے بعد سے پارلیمنٹ نے متعدد قوانین منظور کئے، انہوں نے کہا کہ جمہوریت کی مضبوطی کیلئے تمام جماعتوں کو مل کر کام کرنا ہوگا اور عوامی مینڈیٹ کا احترام کرنا ہوگا۔

حکام کا کہنا تھا کہ 1967 کے معاہدے کے تحت تمام امور طے کئے جائیں گے، بین الاقوامی برادری نے اس اقدام کا خیرمقدم کیا ہے۔

اسرائیلی فوج کی کارروائیوں کے نتیجے میں 20 افراد جاں بحق ہوئے، رپورٹ کے مطابق اب تک 968 فلسطینی شہید ہو چکے ہیں۔

(Renewable Residency) کے تحت 100,000 SAR کی فیس مقرر کی گئی ہے۔

کمیٹی نے 90 دن میں رپورٹ پیش کرنے کی ہدایت کی ہے۔

آئین کے آرٹیکل (b)(3) کے تحت کارروائی عمل میں لائی گئی۔

مسلم لیگ ن کے رہنما نے کہا کہ 1979 میں بھی ایسی ہی صورتحال تھی، انہوں نے کہا کہ ملک کو آگے لے جانے کیلئے اتحاد ضروری ہے۔

وزیراعلیٰ نے کہا کہ صوبے میں ترقیاتی منصوبوں پر کام تیزی سے جاری ہے۔

شہریوں نے انتظامیہ کے اقدامات کو سراہا اور مطالبہ کیا کہ سہولیات فراہم کی جائیں۔

عدالت نے متعلقہ حکام سے جواب طلب کر لیا۔

اجلاس کے دوران مختلف تجاویز پر غور کیا گیا اور حتمی فیصلہ آئندہ اجلاس میں کیا جائے گا۔

ذرائع کے مطابق معاملے کی تحقیقات جاری ہیں۔

ترجمان نے کہا کہ حکومت عوام کی فلاح کیلئے اقدامات کر رہی ہے۔

انہوں نے کہا کہ 1979 کے بعد یہ پہلا موقع ہے کہ ایسے اقدامات کئے گئے ہیں۔

پنجاب حکومت نے 54 ہزار 142 ملازمین کی مستقلی کی منظوری دی۔

کیس کی سماعت 29 اکتوبر تک ملتوی کر دی گئی۔

متاثرین کو امدادی سامان فراہم کیا گیا۔

حکام نے کہا کہ تحقیقات مکمل ہونے پر رپورٹ پیش کی جائے گی۔

انہوں نے کہا کہ قانون کی حکمرانی ہر صورت قائم رہے گی۔

پولیس نے ملزمان کو گرفتار کر کے مقدمہ درج کر لیا۔

اجلاس میں سیکیورٹی انتظامات کا جائزہ لیا گیا۔

وزیر نے کہا کہ 25 ستمبر تک کام مکمل کر لیا جائے گا۔

شرکاء نے حکومت کے اقدامات کو سراہا۔

وزیراعظم شہباز شریف نے کہا کہ ملک ترقی کی راہ پر گامزن ہے اور معیشت مستحکم ہو رہی ہے۔

انہوں نے کہا کہ 45 فیصد اضافہ ریکارڈ کیا گیا ہے۔

چیف جسٹس نے کہا کہ عدلیہ آزاد ہے اور آئین کے مطابق فیصلے کرے گی۔

مالی سال 2025 میں شرح نمو 4.3 فیصد رہی جبکہ 2026 کیلئے 23.6 فیصد ہدف مقرر کیا گیا ہے۔

رپورٹ کے مطابق 2021 سے اب تک صورتحال میں بہتری آئی ہے۔

انہوں نے کہا کہ 160 افراد کو روزگار فراہم کیا گیا۔

اس نے اپنی گفتگو جاری رکھتے ہوئے کہا کہ وزیراعظم نے اجلاس میں ملکی صورتحال پر تفصیلی بریفنگ لی اور متعلقہ حکام کو ہدایات جاری کیں کہ عوامی مسائل کے حل کیلئے فوری اقدامات کئے جائیں، انہوں نے کہا کہ حکومت معیشت کی بہتری کیلئے پرعزم ہے۔

عدالت نے کیس کی سماعت کے دوران فریقین کے دلائل سنے اور فیصلہ محفوظ کر لیا، عدالت نے ریمارکس دیئے کہ قانون سب کیلئے برابر ہے اور کسی کو بھی قانون سے بالاتر نہیں سمجھا جائے گا، سماعت آئندہ تاریخ تک ملتوی کر دی گئی۔

صوبائی حکومت نے صحت اور تعلیم کے شعبوں کیلئے خصوصی فنڈز کی منظوری دے دی ہے، اس سلسلے میں جاری اعلامیہ کے مطابق دیہی علاقوں میں نئے ہسپتال اور سکول قائم کئے جائیں گے۔

پاکستان اور افغانستان کے درمیان سرحدی صورتحال پر اہم اجلاس منعقد ہوا جس میں سیکیورٹی امور کا جائزہ لیا گیا، اجلاس میں فیصلہ کیا گیا کہ دہشتگردی کے خلاف کارروائیاں جاری رہیں گی اور امن کو یقینی بنایا جائے گا۔

مالیاتی اداروں نے معاشی اشاریوں میں بہتری کی رپورٹ جاری کی، رپورٹ کے مطابق زرمبادلہ کے ذخائر میں اضافہ ہوا ہے جبکہ مہنگائی کی شرح میں کمی ریکارڈ کی گئی۔

وفاقی وزیر نے پریس کانفرنس سے خطاب کرتے ہوئے کہا کہ حکومت توانائی کے بحران کے خاتمے کیلئے جامع منصوبہ بندی کر رہی ہے اور جلد عوام کو ریلیف ملے گا، انہوں نے کہا کہ 2025 میں منصوبے مکمل ہوں گے۔

ذرائع کے مطابق 249 افراد کو گرفتار کیا گیا جبکہ 693 مقدمات درج کئے گئے، پولیس حکام نے بتایا کہ کارروائیاں جاری ہیں۔

بیان میں کہا گیا کہ عوام کے جان و مال کا تحفظ اولین ترجیح ہے۔

اجلاس میں شرکاء نے متفقہ قرارداد منظور کی۔

ترجمان نے کہا کہ معاملات کو خوش اسلوبی سے حل کیا جائے گا۔

سرفراز نے کہا کہ 21 ستمبر 2002 کو آئین میں ترمیم کی گئی تھی، اس کے بعد سے پارلیمنٹ نے متعدد قوانین منظور کئے، انہوں نے کہا کہ جمہوریت کی مضبوطی کیلئے تمام جماعتوں کو مل کر کام کرنا ہوگا اور عوامی مینڈیٹ کا احترام کرنا ہوگا۔

حکام کا کہنا تھا کہ 1967 کے معاہدے کے تحت تمام امور طے کئے جائیں گے، بین الاقوامی برادری نے اس اقدام کا خیرمقدم کیا ہے۔

اسرائیلی فوج کی کارروائیوں کے نتیجے میں 20 افراد جاں بحق ہوئے، رپورٹ کے مطابق اب تک 968 فلسطینی شہید ہو چکے ہیں۔

(Renewable Residency) کے تحت 100,000 SAR کی فیس مقرر کی گئی ہے۔

کمیٹی نے 90 دن میں رپورٹ پیش کرنے کی ہدایت کی ہے۔

آئین کے آرٹیکل (b)(3) کے تحت کارروائی عمل میں لائی گئی۔

مسلم لیگ ن کے رہنما نے کہا کہ 1979 میں بھی ایسی ہی صورتحال تھی، انہوں نے کہا کہ ملک کو آگے لے جانے کیلئے اتحاد ضروری ہے۔

وزیراعلیٰ نے کہا کہ صوبے میں ترقیاتی منصوبوں پر کام تیزی سے جاری ہے۔

شہریوں نے انتظامیہ کے اقدامات کو سراہا اور مطالبہ کیا کہ سہولیات فراہم کی جائیں۔

عدالت نے متعلقہ حکام سے جواب طلب کر لیا۔

اجلاس کے دوران مختلف تجاویز پر غور کیا گیا اور حتمی فیصلہ آئندہ اجلاس میں کیا جائے گا۔

ذرائع کے مطابق معاملے کی تحقیقات جاری ہیں۔

ترجمان نے کہا کہ حکومت عوام کی فلاح کیلئے اقدامات کر رہی ہے۔

انہوں نے کہا کہ 1979 کے بعد یہ پہلا موقع ہے کہ ایسے اقدامات کئے گئے ہیں۔

پنجاب حکومت نے 54 ہزار 142 ملازمین کی مستقلی کی منظوری دی۔

کیس کی سماعت 29 اکتوبر تک ملتوی کر دی گئی۔

متاثرین کو امدادی سامان فراہم کیا گیا۔

حکام نے کہا کہ تحقیقات مکمل ہونے پر رپورٹ پیش کی جائے گی۔

انہوں نے کہا کہ قانون کی حکمرانی ہر صورت قائم رہے گی۔

پولیس نے ملزمان کو گرفتار کر کے مقدمہ درج کر لیا۔

اجلاس میں سیکیورٹی انتظامات کا جائزہ لیا گیا۔

وزیر نے کہا کہ 25 ستمبر تک کام مکمل کر لیا جائے گا۔

شرکاء نے حکومت کے اقدامات کو سراہا۔

وزیراعظم شہباز شریف نے کہا کہ ملک ترقی کی راہ پر گامزن ہے اور معیشت مستحکم ہو رہی ہے۔

انہوں نے کہا کہ 45 فیصد اضافہ ریکارڈ کیا گیا ہے۔

چیف جسٹس نے کہا کہ عدلیہ آزاد ہے اور آئین کے مطابق فیصلے کرے گی۔

مالی سال 2025 میں شرح نمو 4.3 فیصد رہی جبکہ 2026 کیلئے 23.6 فیصد ہدف مقرر کیا گیا ہے۔

رپورٹ کے مطابق 2021 سے اب تک صورتحال میں بہتری آئی ہے۔

انہوں نے کہا کہ 160 افراد کو روزگار فراہم کیا گیا۔
